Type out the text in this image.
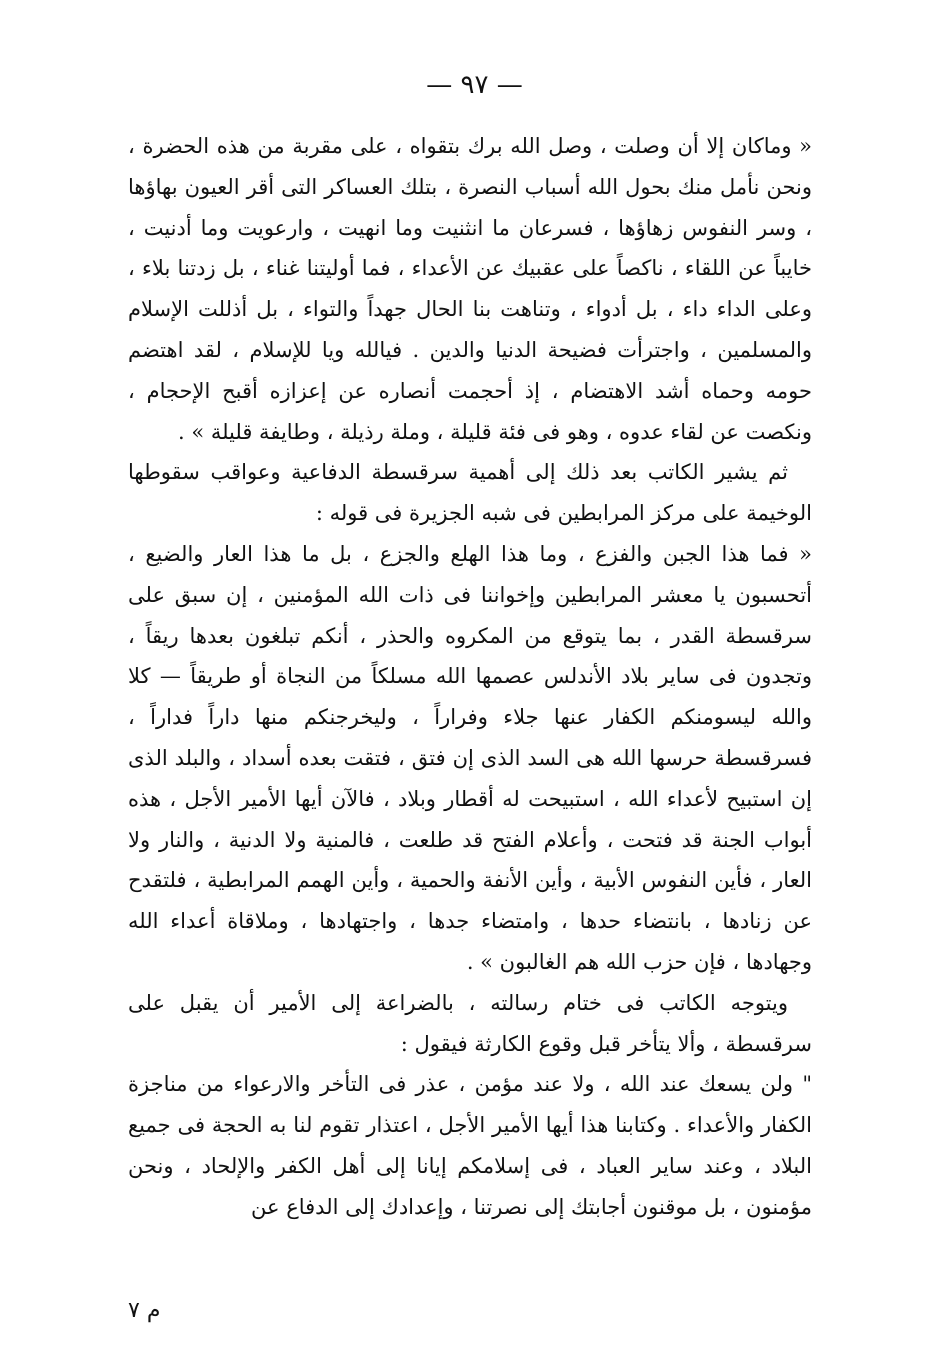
— ٩٧ —

« وماكان إلا أن وصلت ، وصل الله برك بتقواه ، على مقربة من هذه الحضرة ، ونحن نأمل منك بحول الله أسباب النصرة ، بتلك العساكر التى أقر العيون بهاؤها ، وسر النفوس زهاؤها ، فسرعان ما انثنيت وما انهيت ، وارعويت وما أدنيت ، خايباً عن اللقاء ، ناكصاً على عقبيك عن الأعداء ، فما أوليتنا غناء ، بل زدتنا بلاء ، وعلى الداء داء ، بل أدواء ، وتناهت بنا الحال جهداً والتواء ، بل أذللت الإسلام والمسلمين ، واجترأت فضيحة الدنيا والدين . فيالله ويا للإسلام ، لقد اهتضم حومه وحماه أشد الاهتضام ، إذ أحجمت أنصاره عن إعزازه أقبح الإحجام ، ونكصت عن لقاء عدوه ، وهو فى فئة قليلة ، وملة رذيلة ، وطايفة قليلة » .

ثم يشير الكاتب بعد ذلك إلى أهمية سرقسطة الدفاعية وعواقب سقوطها الوخيمة على مركز المرابطين فى شبه الجزيرة فى قوله :

« فما هذا الجبن والفزع ، وما هذا الهلع والجزع ، بل ما هذا العار والضيع ، أتحسبون يا معشر المرابطين وإخواننا فى ذات الله المؤمنين ، إن سبق على سرقسطة القدر ، بما يتوقع من المكروه والحذر ، أنكم تبلغون بعدها ريقاً ، وتجدون فى ساير بلاد الأندلس عصمها الله مسلكاً من النجاة أو طريقاً — كلا والله ليسومنكم الكفار عنها جلاء وفراراً ، وليخرجنكم منها داراً فداراً ، فسرقسطة حرسها الله هى السد الذى إن فتق ، فتقت بعده أسداد ، والبلد الذى إن استبيح لأعداء الله ، استبيحت له أقطار وبلاد ، فالآن أيها الأمير الأجل ، هذه أبواب الجنة قد فتحت ، وأعلام الفتح قد طلعت ، فالمنية ولا الدنية ، والنار ولا العار ، فأين النفوس الأبية ، وأين الأنفة والحمية ، وأين الهمم المرابطية ، فلتقدح عن زنادها ، بانتضاء حدها ، وامتضاء جدها ، واجتهادها ، وملاقاة أعداء الله وجهادها ، فإن حزب الله هم الغالبون » .

ويتوجه الكاتب فى ختام رسالته ، بالضراعة إلى الأمير أن يقبل على سرقسطة ، وألا يتأخر قبل وقوع الكارثة فيقول :

" ولن يسعك عند الله ، ولا عند مؤمن ، عذر فى التأخر والارعواء من مناجزة الكفار والأعداء . وكتابنا هذا أيها الأمير الأجل ، اعتذار تقوم لنا به الحجة فى جميع البلاد ، وعند ساير العباد ، فى إسلامكم إيانا إلى أهل الكفر والإلحاد ، ونحن مؤمنون ، بل موقنون أجابتك إلى نصرتنا ، وإعدادك إلى الدفاع عن

م ٧
